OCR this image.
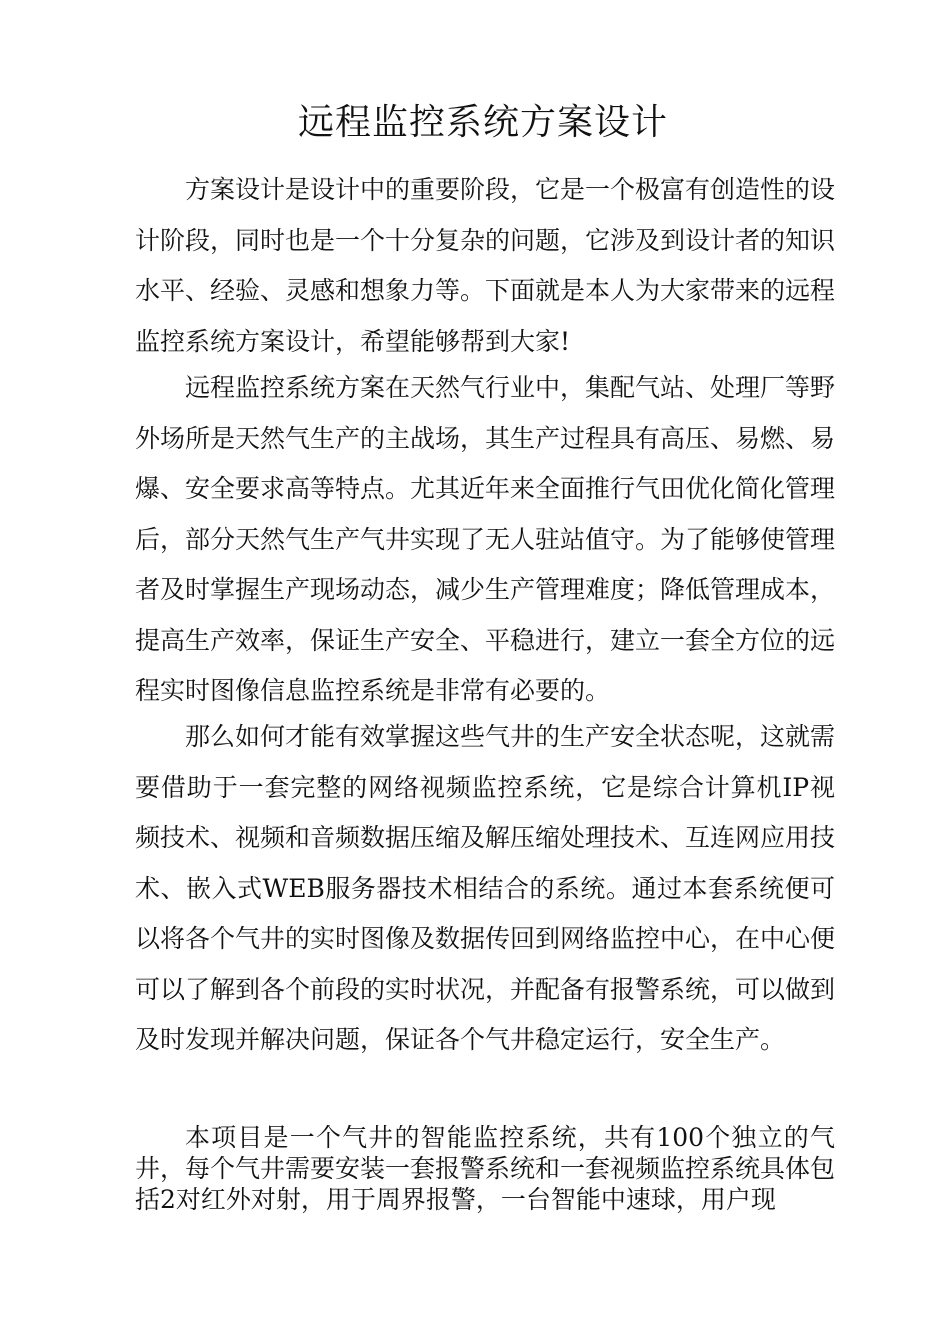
远程监控系统方案设计

方案设计是设计中的重要阶段，它是一个极富有创造性的设计阶段，同时也是一个十分复杂的问题，它涉及到设计者的知识水平、经验、灵感和想象力等。下面就是本人为大家带来的远程监控系统方案设计，希望能够帮到大家!

远程监控系统方案在天然气行业中，集配气站、处理厂等野外场所是天然气生产的主战场，其生产过程具有高压、易燃、易爆、安全要求高等特点。尤其近年来全面推行气田优化简化管理后，部分天然气生产气井实现了无人驻站值守。为了能够使管理者及时掌握生产现场动态，减少生产管理难度；降低管理成本，提高生产效率，保证生产安全、平稳进行，建立一套全方位的远程实时图像信息监控系统是非常有必要的。

那么如何才能有效掌握这些气井的生产安全状态呢，这就需要借助于一套完整的网络视频监控系统，它是综合计算机IP视频技术、视频和音频数据压缩及解压缩处理技术、互连网应用技术、嵌入式WEB服务器技术相结合的系统。通过本套系统便可以将各个气井的实时图像及数据传回到网络监控中心，在中心便可以了解到各个前段的实时状况，并配备有报警系统，可以做到及时发现并解决问题，保证各个气井稳定运行，安全生产。

本项目是一个气井的智能监控系统，共有100个独立的气井，每个气井需要安装一套报警系统和一套视频监控系统具体包括2对红外对射，用于周界报警，一台智能中速球，用户现
